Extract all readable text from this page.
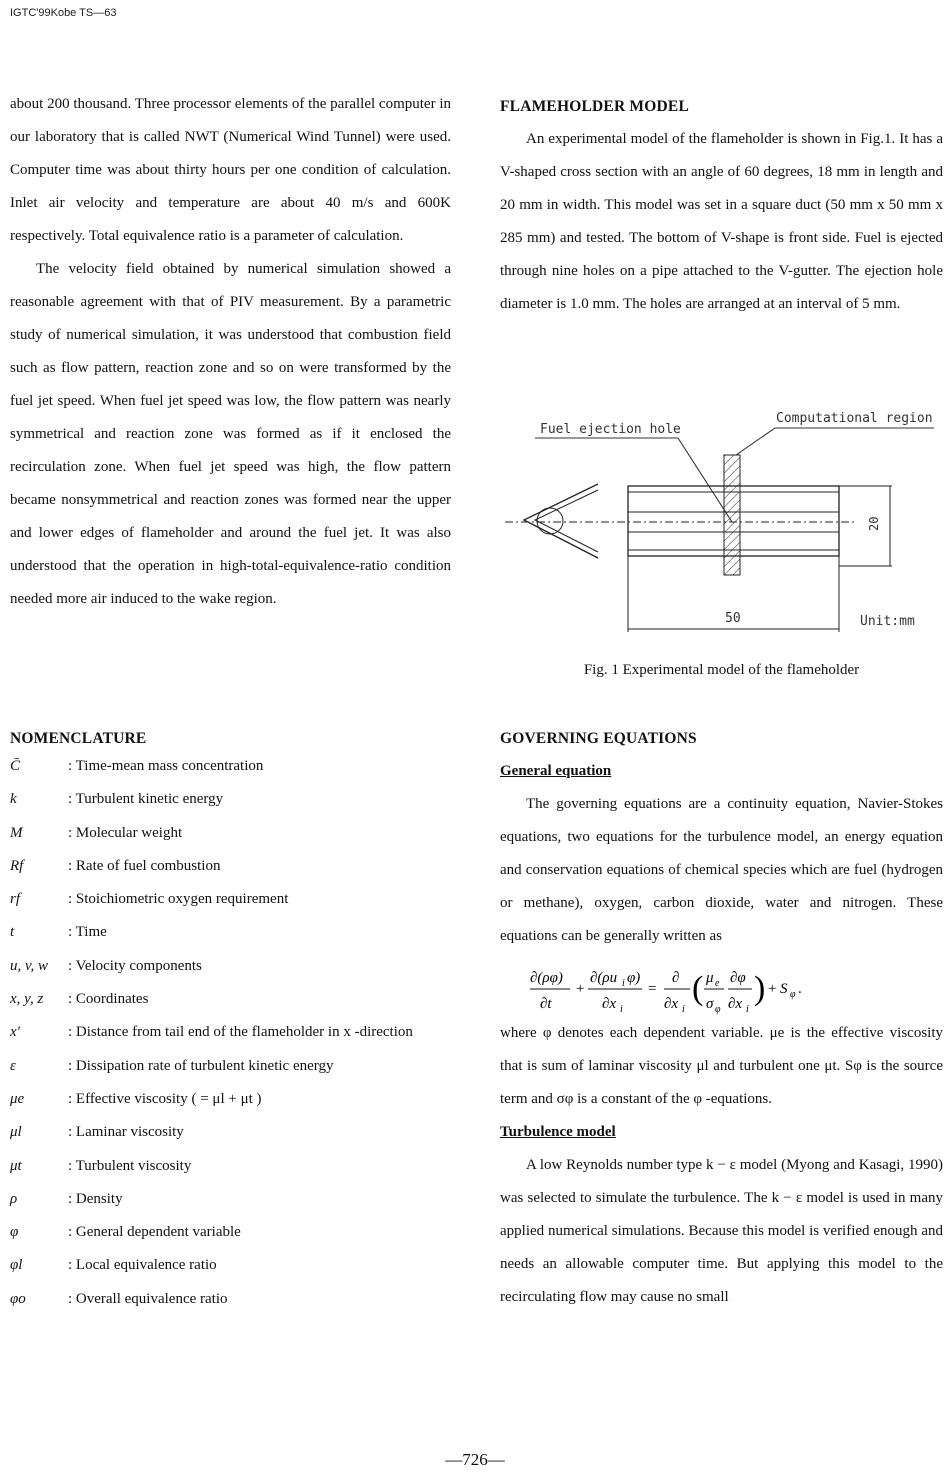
IGTC'99Kobe TS—63

about 200 thousand. Three processor elements of the parallel computer in our laboratory that is called NWT (Numerical Wind Tunnel) were used. Computer time was about thirty hours per one condition of calculation. Inlet air velocity and temperature are about 40 m/s and 600K respectively. Total equivalence ratio is a parameter of calculation.

The velocity field obtained by numerical simulation showed a reasonable agreement with that of PIV measurement. By a parametric study of numerical simulation, it was understood that combustion field such as flow pattern, reaction zone and so on were transformed by the fuel jet speed. When fuel jet speed was low, the flow pattern was nearly symmetrical and reaction zone was formed as if it enclosed the recirculation zone. When fuel jet speed was high, the flow pattern became nonsymmetrical and reaction zones was formed near the upper and lower edges of flameholder and around the fuel jet. It was also understood that the operation in high-total-equivalence-ratio condition needed more air induced to the wake region.

FLAMEHOLDER MODEL

An experimental model of the flameholder is shown in Fig.1. It has a V-shaped cross section with an angle of 60 degrees, 18 mm in length and 20 mm in width. This model was set in a square duct (50 mm x 50 mm x 285 mm) and tested. The bottom of V-shape is front side. Fuel is ejected through nine holes on a pipe attached to the V-gutter. The ejection hole diameter is 1.0 mm. The holes are arranged at an interval of 5 mm.

Fuel ejection hole
Computational region
20
50	Unit:mm
Fig. 1 Experimental model of the flameholder
NOMENCLATURE
C̄	: Time-mean mass concentration
k	: Turbulent kinetic energy
M	: Molecular weight
Rf	: Rate of fuel combustion
rf	: Stoichiometric oxygen requirement
t	: Time
u, v, w	: Velocity components
x, y, z	: Coordinates
x'	: Distance from tail end of the flameholder in x -direction
ε	: Dissipation rate of turbulent kinetic energy
μe	: Effective viscosity ( = μl + μt )
μl	: Laminar viscosity
μt	: Turbulent viscosity
ρ	: Density
φ	: General dependent variable
φl	: Local equivalence ratio
φo	: Overall equivalence ratio
GOVERNING EQUATIONS
General equation

The governing equations are a continuity equation, Navier-Stokes equations, two equations for the turbulence model, an energy equation and conservation equations of chemical species which are fuel (hydrogen or methane), oxygen, carbon dioxide, water and nitrogen. These equations can be generally written as

where φ denotes each dependent variable. μe is the effective viscosity that is sum of laminar viscosity μl and turbulent one μt. Sφ is the source term and σφ is a constant of the φ -equations.

Turbulence model

A low Reynolds number type k − ε model (Myong and Kasagi, 1990) was selected to simulate the turbulence. The k − ε model is used in many applied numerical simulations. Because this model is verified enough and needs an allowable computer time. But applying this model to the recirculating flow may cause no small

∂(ρφ)
∂t
+
∂(ρu i φ)
∂x i
=
∂
∂x i
( μ e
σ φ
∂φ
∂x i
) + S φ .
—726—
